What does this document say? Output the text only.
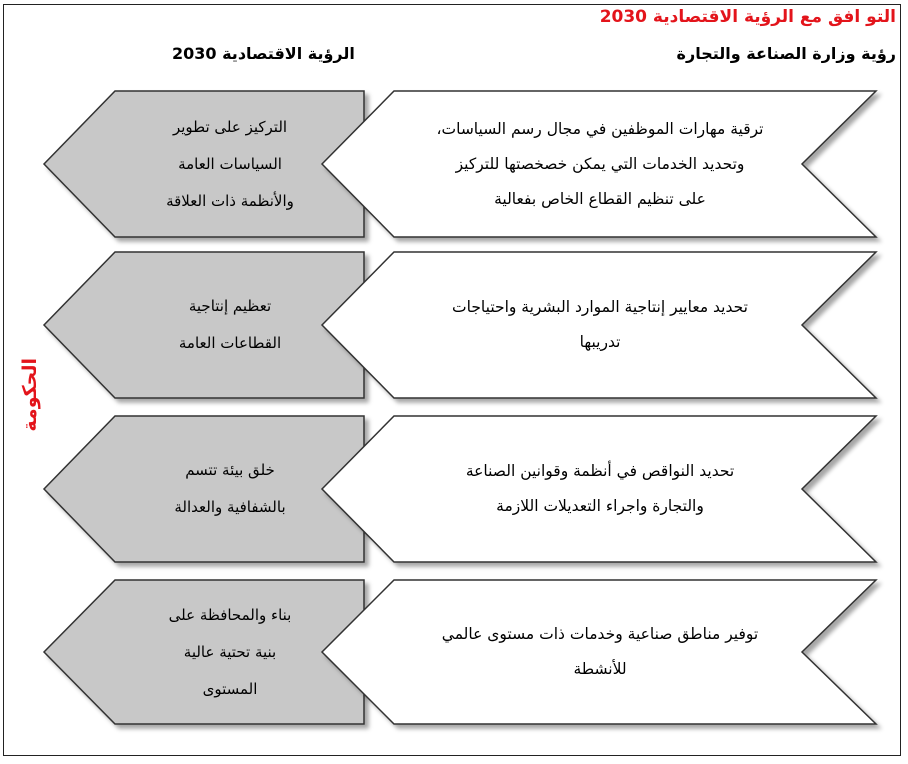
التو افق مع الرؤية الاقتصادية 2030
رؤية وزارة الصناعة والتجارة
الرؤية الاقتصادية 2030
الحكومة
ترقية مهارات الموظفين في مجال رسم السياسات،
وتحديد الخدمات التي يمكن خصخصتها للتركيز
على تنظيم القطاع الخاص بفعالية
التركيز على تطوير
السياسات العامة
والأنظمة ذات العلاقة
تحديد معايير إنتاجية الموارد البشرية واحتياجات
تدريبها
تعظيم إنتاجية
القطاعات العامة
تحديد النواقص في أنظمة وقوانين الصناعة
والتجارة واجراء التعديلات اللازمة
خلق بيئة تتسم
بالشفافية والعدالة
توفير مناطق صناعية وخدمات ذات مستوى عالمي
للأنشطة
بناء والمحافظة على
بنية تحتية عالية
المستوى
